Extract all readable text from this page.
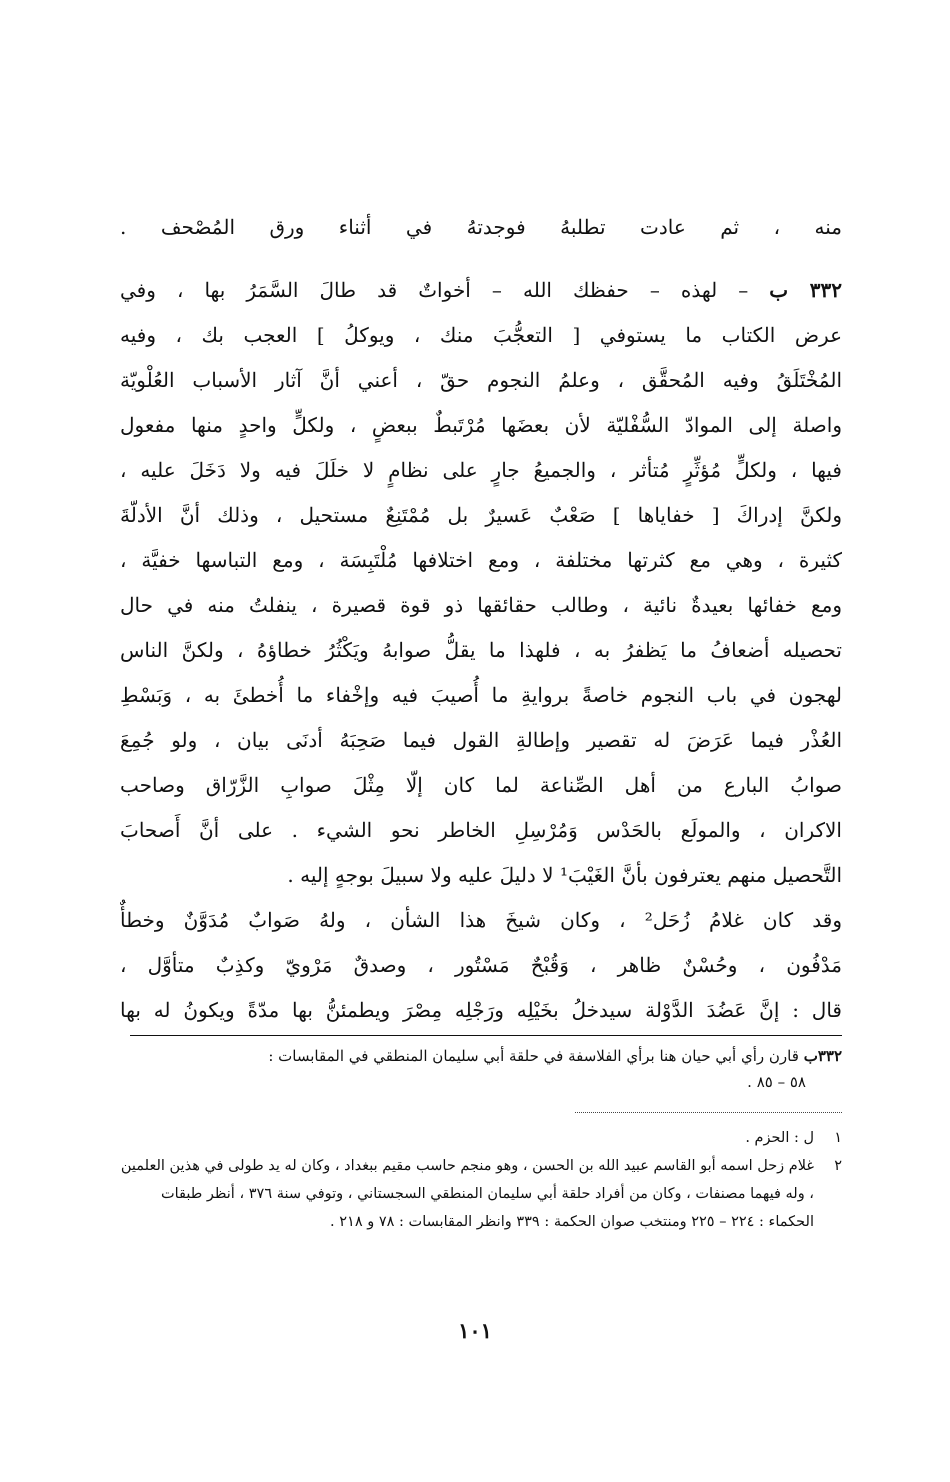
منه ، ثم عادت تطلبهُ فوجدتهُ في أثناء ورق المُصْحف .
٣٣٢ ب – لهذه – حفظك الله – أخواتٌ قد طالَ السَّمَرُ بها ، وفي
عرض الكتاب ما يستوفي [ التعجُّبَ منك ، ويوكلُ ] العجب بك ، وفيه
المُخْتَلَقُ وفيه المُحقَّق ، وعلمُ النجوم حقّ ، أعني أنَّ آثار الأسباب العُلْويّة
واصلة إلى الموادّ السُّفْليّة لأن بعضَها مُرْتَبطٌ ببعضٍ ، ولكلٍّ واحدٍ منها مفعول
فيها ، ولكلٍّ مُؤثِّرٍ مُتأثر ، والجميعُ جارٍ على نظامٍ لا خلَلَ فيه ولا دَخَلَ عليه ،
ولكنَّ إدراكَ [ خفاياها ] صَعْبٌ عَسيرٌ بل مُمْتَنِعٌ مستحيل ، وذلك أنَّ الأدلّةَ
كثيرة ، وهي مع كثرتها مختلفة ، ومع اختلافها مُلْتَبِسَة ، ومع التباسها خفيَّة ،
ومع خفائها بعيدةٌ نائية ، وطالب حقائقها ذو قوة قصيرة ، ينفلتُ منه في حال
تحصيله أضعافُ ما يَظفرُ به ، فلهذا ما يقلُّ صوابهُ ويَكْثُرُ خطاؤهُ ، ولكنَّ الناس
لهجون في باب النجوم خاصةً بروايةِ ما أُصيبَ فيه وإخْفاء ما أُخطئَ به ، وَبَسْطِ
العُذْر فيما عَرَضَ له تقصير وإطالةِ القول فيما صَحِبَهُ أدنَى بيان ، ولو جُمِعَ
صوابُ البارع من أهل الصِّناعة لما كان إلّا مِثْلَ صوابِ الزَّرّاق وصاحب
الاكران ، والمولَع بالحَدْس وَمُرْسِلِ الخاطر نحو الشيء . على أنَّ أَصحابَ
التَّحصيل منهم يعترفون بأنَّ الغَيْبَ¹ لا دليلَ عليه ولا سبيلَ بوجهٍ إليه .
وقد كان غلامُ زُحَل² ، وكان شيخَ هذا الشأن ، ولهُ صَوابٌ مُدَوَّنٌ وخطأٌ
مَدْفُون ، وحُسْنٌ ظاهر ، وَقُبْحٌ مَسْتُور ، وصدقٌ مَرْويّ وكذِبٌ متأوَّل ،
قال : إنَّ عَضُدَ الدَّوْلة سيدخلُ بخَيْلِه ورَجْلِه مِصْرَ ويطمئنُّ بها مدّةً ويكونُ له بها
٣٣٢ب قارن رأي أبي حيان هنا برأي الفلاسفة في حلقة أبي سليمان المنطقي في المقابسات :
٥٨ – ٨٥ .
١
ل : الحزم .
٢
غلام زحل اسمه أبو القاسم عبيد الله بن الحسن ، وهو منجم حاسب مقيم ببغداد ، وكان له يد طولى في هذين العلمين ، وله فيهما مصنفات ، وكان من أفراد حلقة أبي سليمان المنطقي السجستاني ، وتوفي سنة ٣٧٦ ، أنظر طبقات الحكماء : ٢٢٤ – ٢٢٥ ومنتخب صوان الحكمة : ٣٣٩ وانظر المقابسات : ٧٨ و ٢١٨ .
١٠١
